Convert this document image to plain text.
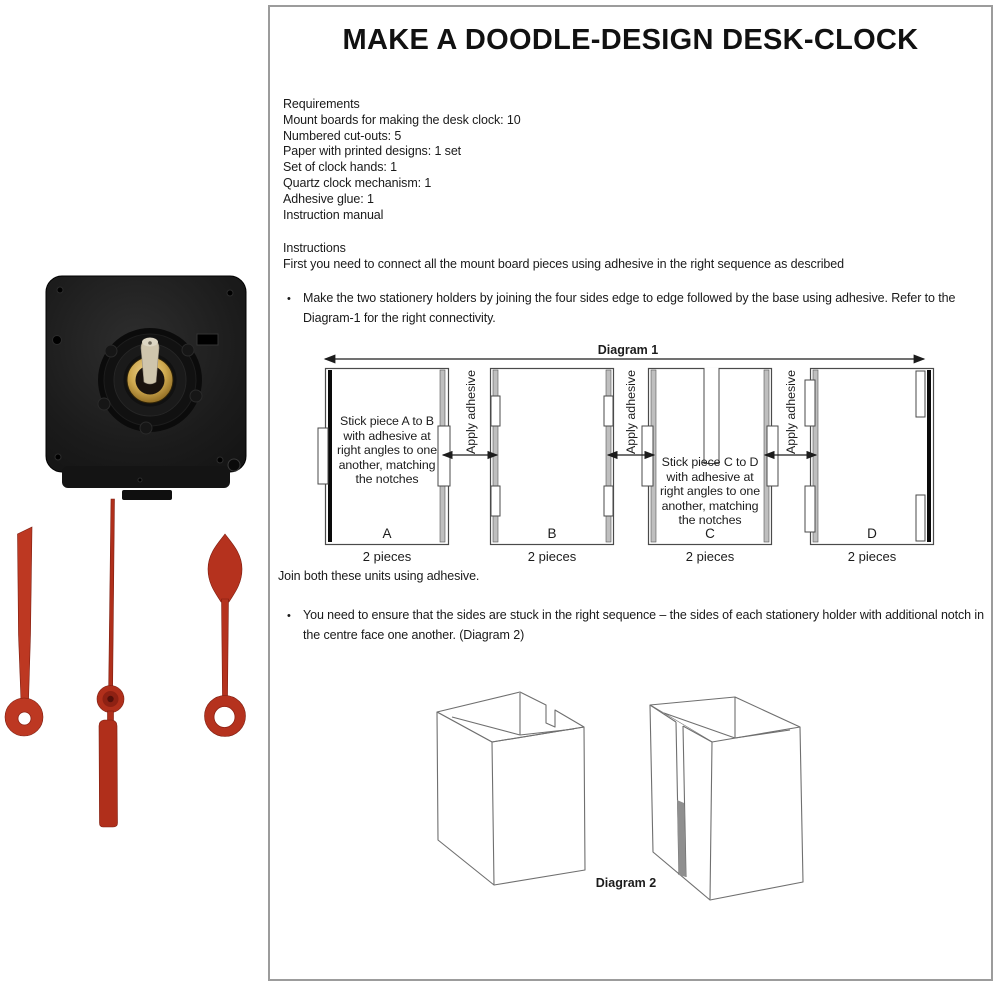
MAKE A DOODLE-DESIGN DESK-CLOCK
Requirements
Mount boards for making the desk clock: 10
Numbered cut-outs: 5
Paper with printed designs: 1 set
Set of clock hands: 1
Quartz clock mechanism: 1
Adhesive glue: 1
Instruction manual
Instructions
First you need to connect all the mount board pieces using adhesive in the right sequence as described
• Make the two stationery holders by joining the four sides edge to edge followed by the base using adhesive. Refer to the Diagram-1 for the right connectivity.
Diagram 1
Apply adhesive	Apply adhesive	Apply adhesive
Stick piece A to B with adhesive at right angles to one another, matching the notches
Stick piece C to D with adhesive at right angles to one another, matching the notches
A	B	C	D
2 pieces	2 pieces	2 pieces	2 pieces
Join both these units using adhesive.
• You need to ensure that the sides are stuck in the right sequence – the sides of each stationery holder with additional notch in the centre face one another. (Diagram 2)
Diagram 2
